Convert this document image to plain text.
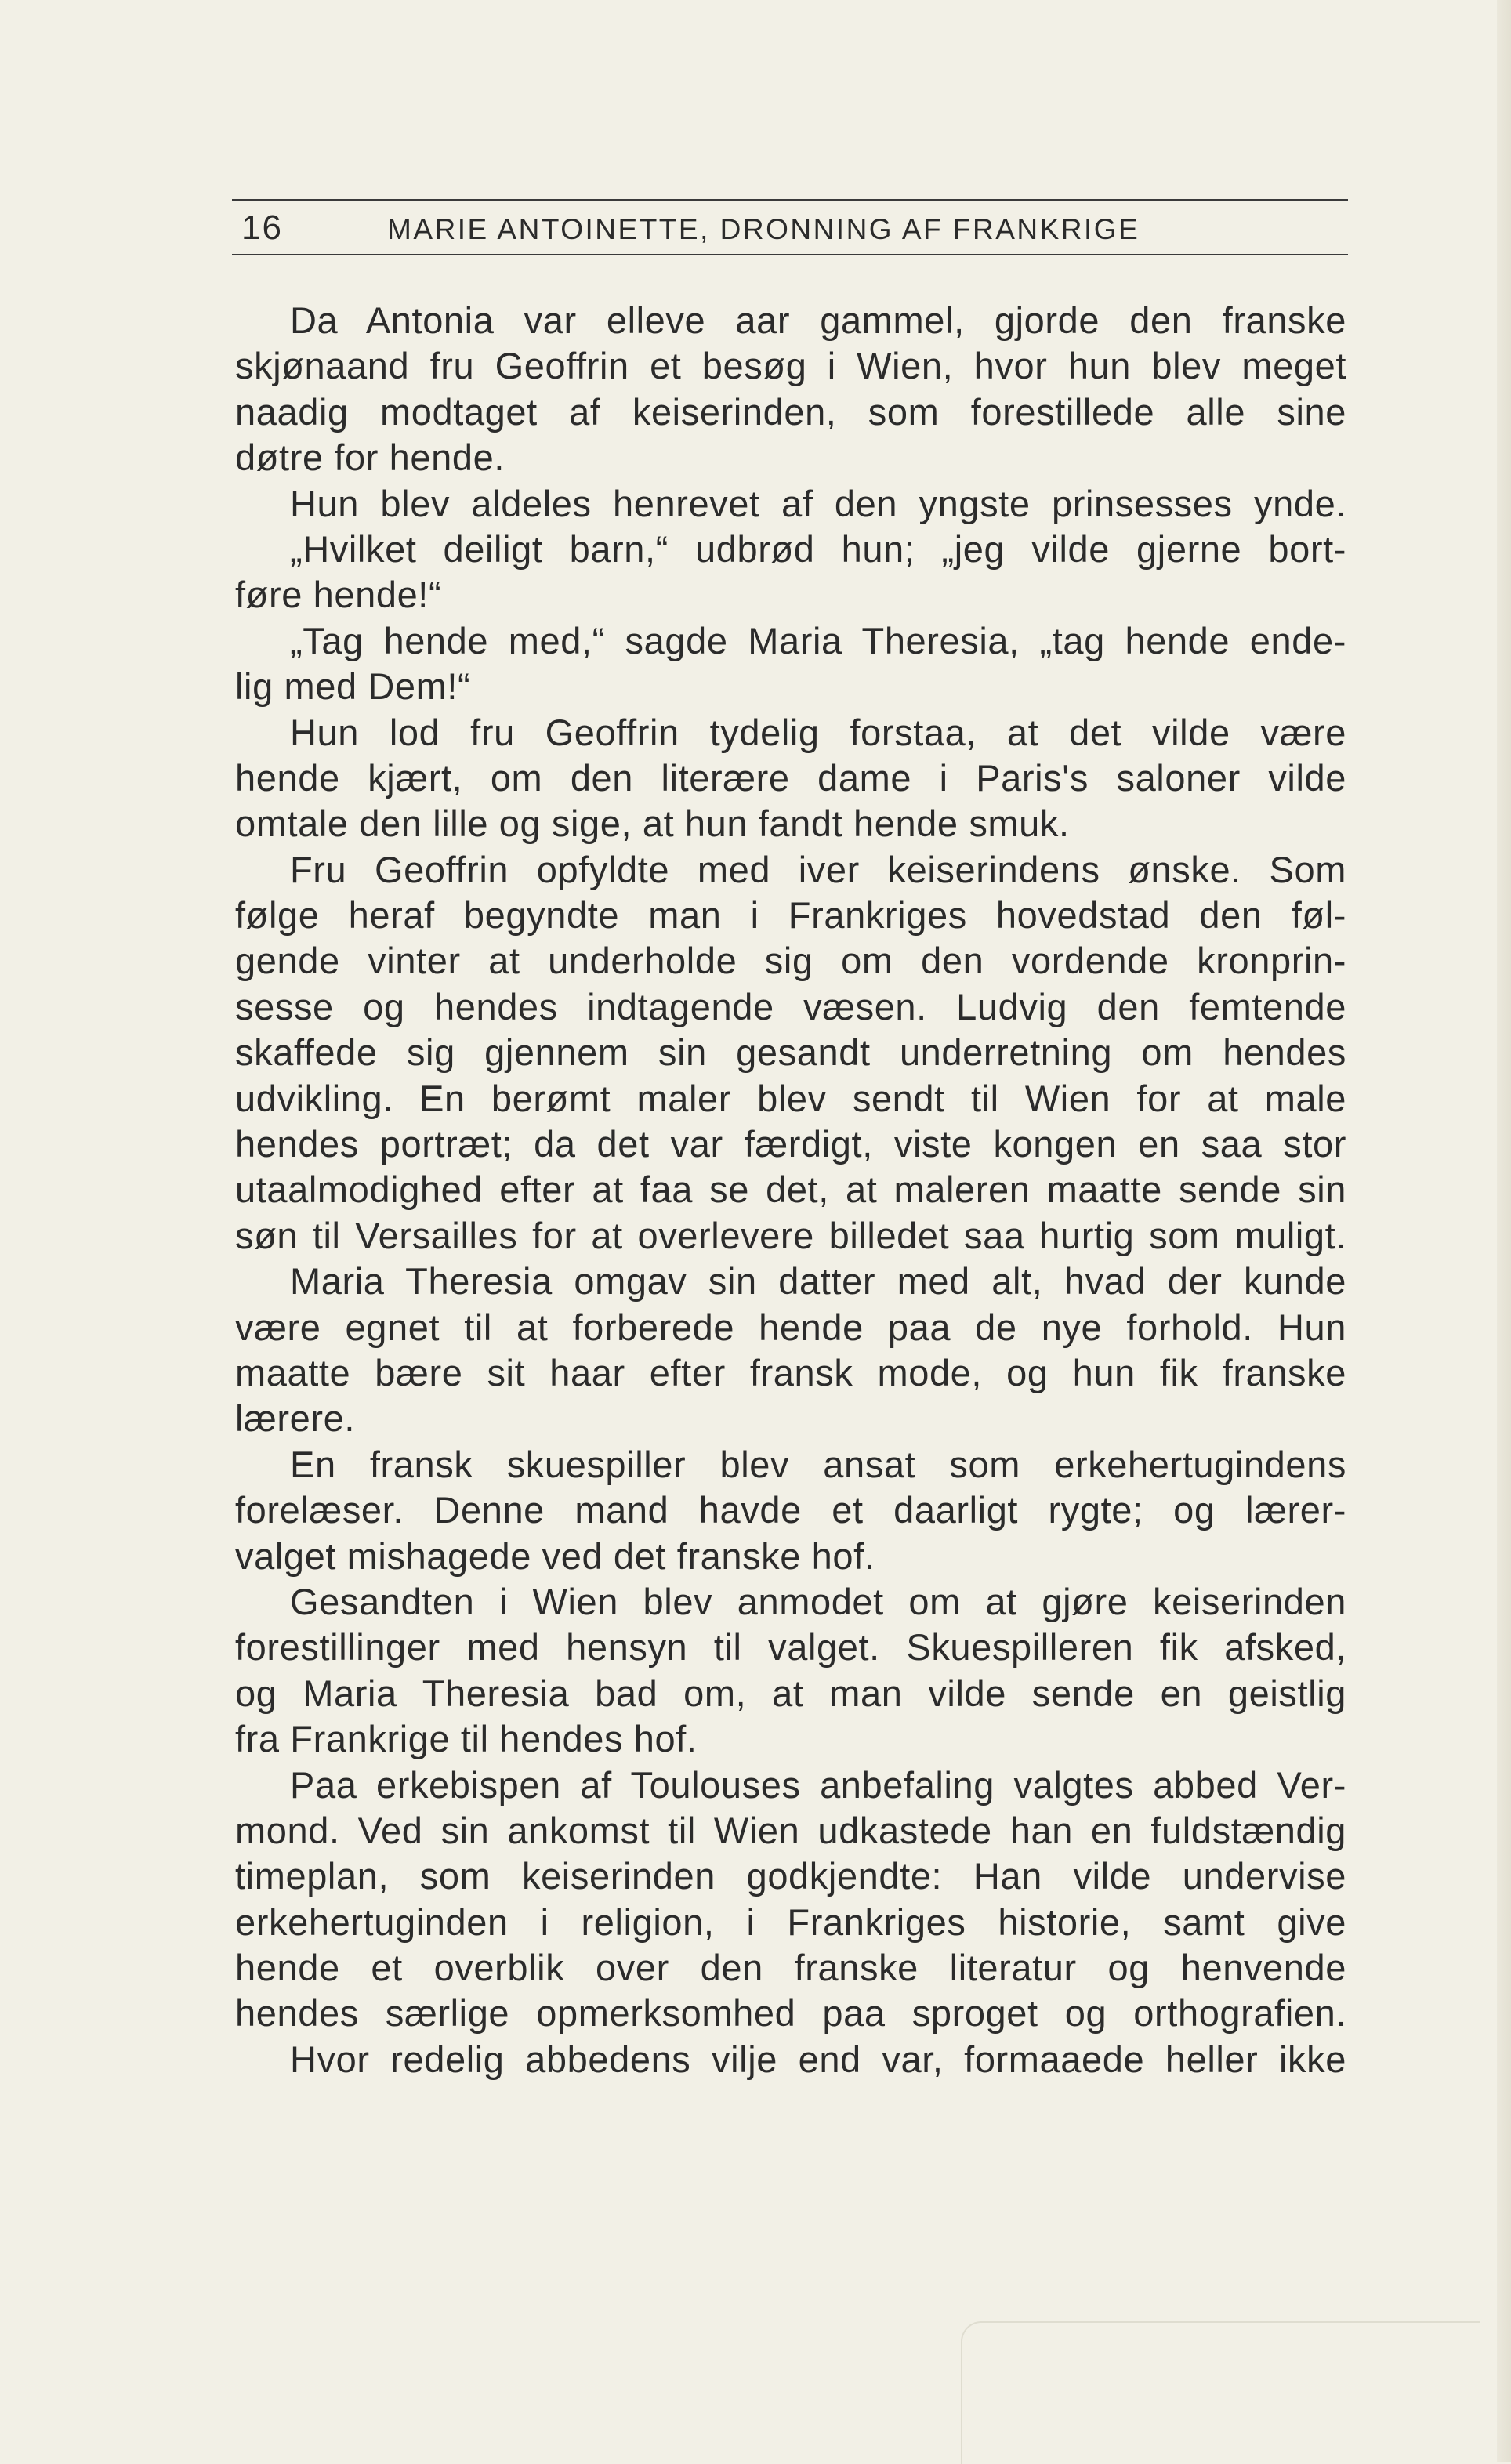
16	MARIE ANTOINETTE, DRONNING AF FRANKRIGE
Da Antonia var elleve aar gammel, gjorde den franske
skjønaand fru Geoffrin et besøg i Wien, hvor hun blev meget
naadig modtaget af keiserinden, som forestillede alle sine
døtre for hende.
Hun blev aldeles henrevet af den yngste prinsesses ynde.
„Hvilket deiligt barn,“ udbrød hun; „jeg vilde gjerne bort-
føre hende!“
„Tag hende med,“ sagde Maria Theresia, „tag hende ende-
lig med Dem!“
Hun lod fru Geoffrin tydelig forstaa, at det vilde være
hende kjært, om den literære dame i Paris's saloner vilde
omtale den lille og sige, at hun fandt hende smuk.
Fru Geoffrin opfyldte med iver keiserindens ønske. Som
følge heraf begyndte man i Frankriges hovedstad den føl-
gende vinter at underholde sig om den vordende kronprin-
sesse og hendes indtagende væsen. Ludvig den femtende
skaffede sig gjennem sin gesandt underretning om hendes
udvikling. En berømt maler blev sendt til Wien for at male
hendes portræt; da det var færdigt, viste kongen en saa stor
utaalmodighed efter at faa se det, at maleren maatte sende sin
søn til Versailles for at overlevere billedet saa hurtig som muligt.
Maria Theresia omgav sin datter med alt, hvad der kunde
være egnet til at forberede hende paa de nye forhold. Hun
maatte bære sit haar efter fransk mode, og hun fik franske
lærere.
En fransk skuespiller blev ansat som erkehertugindens
forelæser. Denne mand havde et daarligt rygte; og lærer-
valget mishagede ved det franske hof.
Gesandten i Wien blev anmodet om at gjøre keiserinden
forestillinger med hensyn til valget. Skuespilleren fik afsked,
og Maria Theresia bad om, at man vilde sende en geistlig
fra Frankrige til hendes hof.
Paa erkebispen af Toulouses anbefaling valgtes abbed Ver-
mond. Ved sin ankomst til Wien udkastede han en fuldstændig
timeplan, som keiserinden godkjendte: Han vilde undervise
erkehertuginden i religion, i Frankriges historie, samt give
hende et overblik over den franske literatur og henvende
hendes særlige opmerksomhed paa sproget og orthografien.
Hvor redelig abbedens vilje end var, formaaede heller ikke
